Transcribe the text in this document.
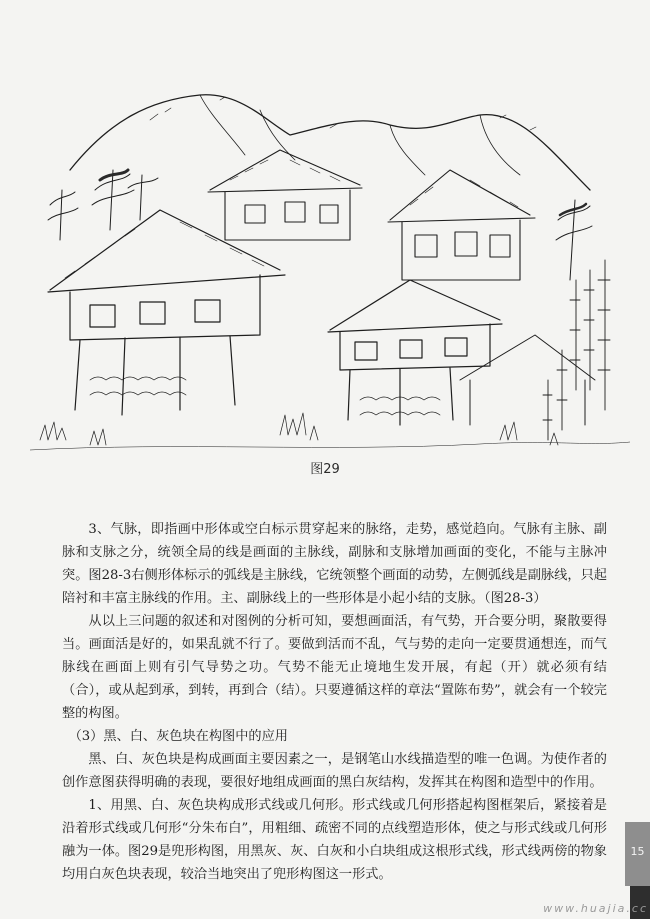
图29

3、气脉，即指画中形体或空白标示贯穿起来的脉络，走势，感觉趋向。气脉有主脉、副脉和支脉之分，统领全局的线是画面的主脉线，副脉和支脉增加画面的变化，不能与主脉冲突。图28-3右侧形体标示的弧线是主脉线，它统领整个画面的动势，左侧弧线是副脉线，只起陪衬和丰富主脉线的作用。主、副脉线上的一些形体是小起小结的支脉。（图28-3）

从以上三问题的叙述和对图例的分析可知，要想画面活，有气势，开合要分明，聚散要得当。画面活是好的，如果乱就不行了。要做到活而不乱，气与势的走向一定要贯通想连，而气脉线在画面上则有引气导势之功。气势不能无止境地生发开展，有起（开）就必须有结（合），或从起到承，到转，再到合（结）。只要遵循这样的章法“置陈布势”，就会有一个较完整的构图。

（3）黑、白、灰色块在构图中的应用

黑、白、灰色块是构成画面主要因素之一，是钢笔山水线描造型的唯一色调。为使作者的创作意图获得明确的表现，要很好地组成画面的黑白灰结构，发挥其在构图和造型中的作用。

1、用黑、白、灰色块构成形式线或几何形。形式线或几何形搭起构图框架后，紧接着是沿着形式线或几何形“分朱布白”，用粗细、疏密不同的点线塑造形体，使之与形式线或几何形融为一体。图29是兜形构图，用黑灰、灰、白灰和小白块组成这根形式线，形式线两傍的物象均用白灰色块表现，较洽当地突出了兜形构图这一形式。

15
www.huajia.cc
